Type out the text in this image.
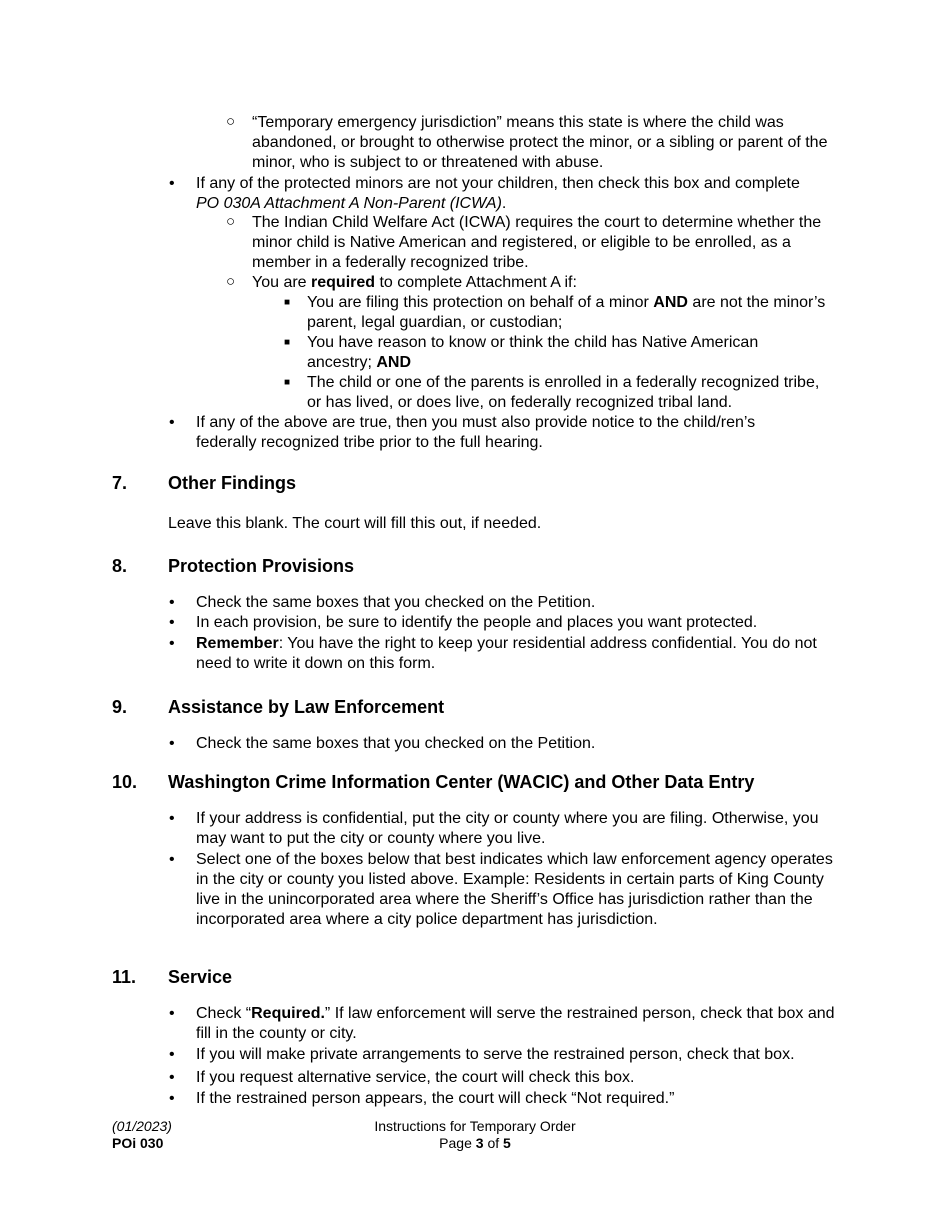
○ “Temporary emergency jurisdiction” means this state is where the child was abandoned, or brought to otherwise protect the minor, or a sibling or parent of the minor, who is subject to or threatened with abuse.
• If any of the protected minors are not your children, then check this box and complete PO 030A Attachment A Non-Parent (ICWA).
○ The Indian Child Welfare Act (ICWA) requires the court to determine whether the minor child is Native American and registered, or eligible to be enrolled, as a member in a federally recognized tribe.
○ You are required to complete Attachment A if:
■ You are filing this protection on behalf of a minor AND are not the minor’s parent, legal guardian, or custodian;
■ You have reason to know or think the child has Native American ancestry; AND
■ The child or one of the parents is enrolled in a federally recognized tribe, or has lived, or does live, on federally recognized tribal land.
• If any of the above are true, then you must also provide notice to the child/ren’s federally recognized tribe prior to the full hearing.
7. Other Findings
Leave this blank. The court will fill this out, if needed.
8. Protection Provisions
• Check the same boxes that you checked on the Petition.
• In each provision, be sure to identify the people and places you want protected.
• Remember: You have the right to keep your residential address confidential. You do not need to write it down on this form.
9. Assistance by Law Enforcement
• Check the same boxes that you checked on the Petition.
10. Washington Crime Information Center (WACIC) and Other Data Entry
• If your address is confidential, put the city or county where you are filing. Otherwise, you may want to put the city or county where you live.
• Select one of the boxes below that best indicates which law enforcement agency operates in the city or county you listed above. Example: Residents in certain parts of King County live in the unincorporated area where the Sheriff’s Office has jurisdiction rather than the incorporated area where a city police department has jurisdiction.
11. Service
• Check “Required.” If law enforcement will serve the restrained person, check that box and fill in the county or city.
• If you will make private arrangements to serve the restrained person, check that box.
• If you request alternative service, the court will check this box.
• If the restrained person appears, the court will check “Not required.”
(01/2023)
POi 030
Instructions for Temporary Order
Page 3 of 5
